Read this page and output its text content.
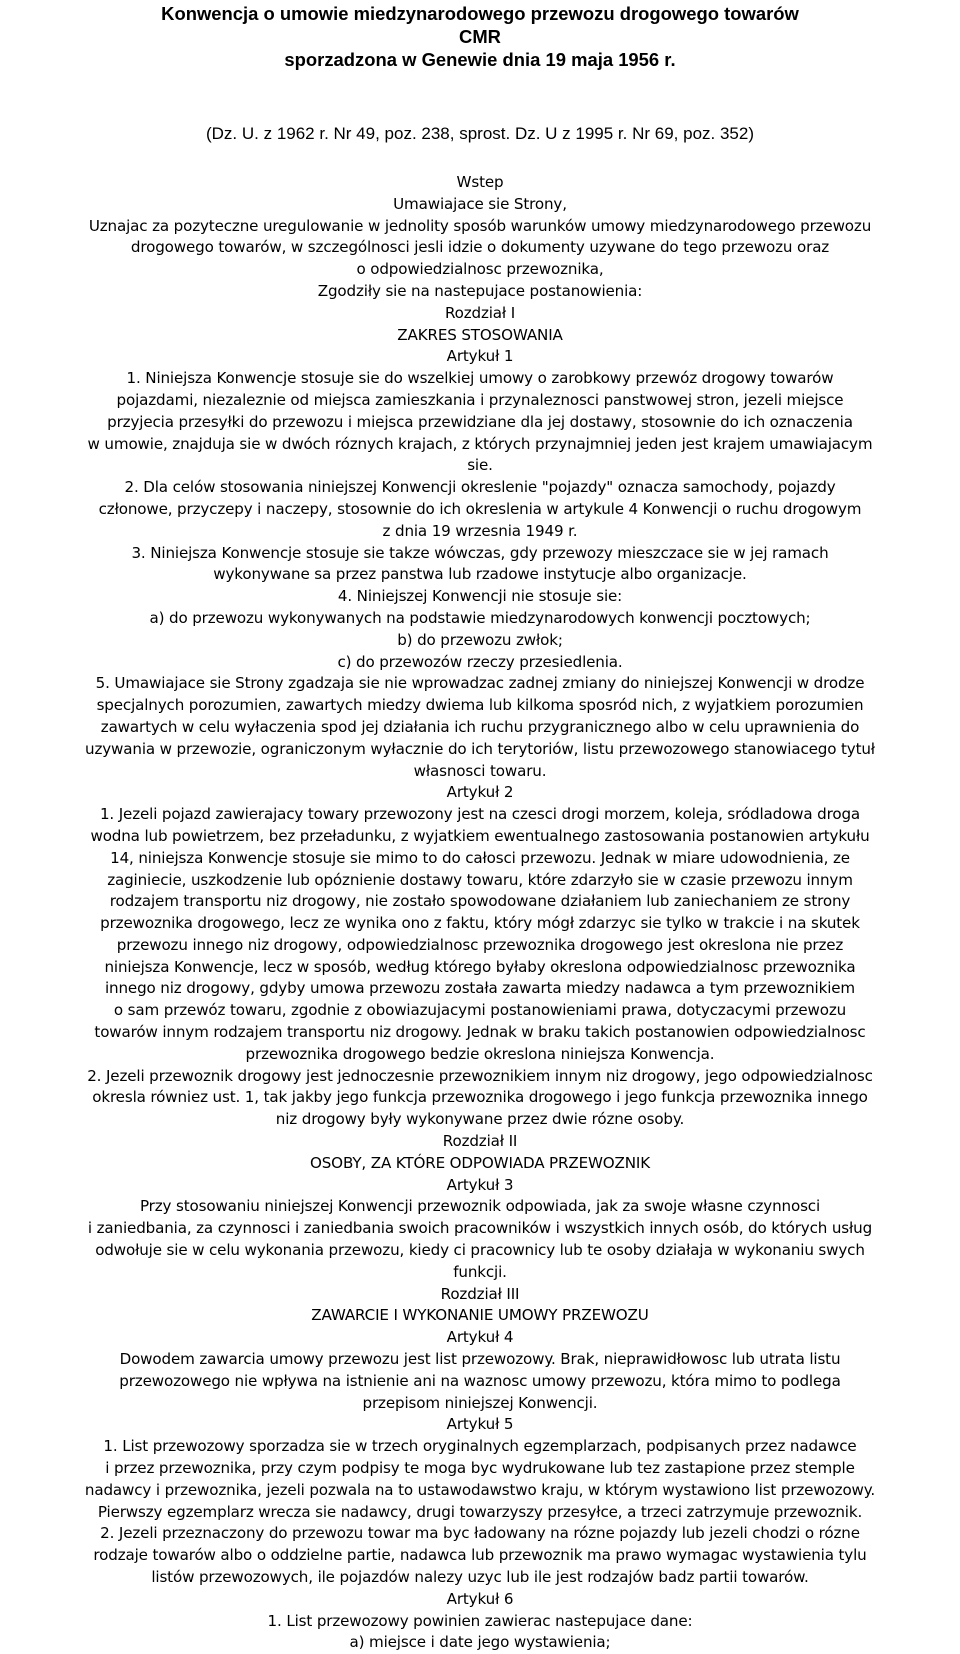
Konwencja o umowie miedzynarodowego przewozu drogowego towarów
CMR
sporzadzona w Genewie dnia 19 maja 1956 r.
(Dz. U. z 1962 r. Nr 49, poz. 238, sprost. Dz. U z 1995 r. Nr 69, poz. 352)
Wstep
Umawiajace sie Strony,
Uznajac za pozyteczne uregulowanie w jednolity sposób warunków umowy miedzynarodowego przewozu
drogowego towarów, w szczególnosci jesli idzie o dokumenty uzywane do tego przewozu oraz
o odpowiedzialnosc przewoznika,
Zgodziły sie na nastepujace postanowienia:
Rozdział I
ZAKRES STOSOWANIA
Artykuł 1
1. Niniejsza Konwencje stosuje sie do wszelkiej umowy o zarobkowy przewóz drogowy towarów
pojazdami, niezaleznie od miejsca zamieszkania i przynaleznosci panstwowej stron, jezeli miejsce
przyjecia przesyłki do przewozu i miejsca przewidziane dla jej dostawy, stosownie do ich oznaczenia
w umowie, znajduja sie w dwóch róznych krajach, z których przynajmniej jeden jest krajem umawiajacym
sie.
2. Dla celów stosowania niniejszej Konwencji okreslenie "pojazdy" oznacza samochody, pojazdy
członowe, przyczepy i naczepy, stosownie do ich okreslenia w artykule 4 Konwencji o ruchu drogowym
z dnia 19 wrzesnia 1949 r.
3. Niniejsza Konwencje stosuje sie takze wówczas, gdy przewozy mieszczace sie w jej ramach
wykonywane sa przez panstwa lub rzadowe instytucje albo organizacje.
4. Niniejszej Konwencji nie stosuje sie:
a) do przewozu wykonywanych na podstawie miedzynarodowych konwencji pocztowych;
b) do przewozu zwłok;
c) do przewozów rzeczy przesiedlenia.
5. Umawiajace sie Strony zgadzaja sie nie wprowadzac zadnej zmiany do niniejszej Konwencji w drodze
specjalnych porozumien, zawartych miedzy dwiema lub kilkoma sposród nich, z wyjatkiem porozumien
zawartych w celu wyłaczenia spod jej działania ich ruchu przygranicznego albo w celu uprawnienia do
uzywania w przewozie, ograniczonym wyłacznie do ich terytoriów, listu przewozowego stanowiacego tytuł
własnosci towaru.
Artykuł 2
1. Jezeli pojazd zawierajacy towary przewozony jest na czesci drogi morzem, koleja, sródladowa droga
wodna lub powietrzem, bez przeładunku, z wyjatkiem ewentualnego zastosowania postanowien artykułu
14, niniejsza Konwencje stosuje sie mimo to do całosci przewozu. Jednak w miare udowodnienia, ze
zaginiecie, uszkodzenie lub opóznienie dostawy towaru, które zdarzyło sie w czasie przewozu innym
rodzajem transportu niz drogowy, nie zostało spowodowane działaniem lub zaniechaniem ze strony
przewoznika drogowego, lecz ze wynika ono z faktu, który mógł zdarzyc sie tylko w trakcie i na skutek
przewozu innego niz drogowy, odpowiedzialnosc przewoznika drogowego jest okreslona nie przez
niniejsza Konwencje, lecz w sposób, według którego byłaby okreslona odpowiedzialnosc przewoznika
innego niz drogowy, gdyby umowa przewozu została zawarta miedzy nadawca a tym przewoznikiem
o sam przewóz towaru, zgodnie z obowiazujacymi postanowieniami prawa, dotyczacymi przewozu
towarów innym rodzajem transportu niz drogowy. Jednak w braku takich postanowien odpowiedzialnosc
przewoznika drogowego bedzie okreslona niniejsza Konwencja.
2. Jezeli przewoznik drogowy jest jednoczesnie przewoznikiem innym niz drogowy, jego odpowiedzialnosc
okresla równiez ust. 1, tak jakby jego funkcja przewoznika drogowego i jego funkcja przewoznika innego
niz drogowy były wykonywane przez dwie rózne osoby.
Rozdział II
OSOBY, ZA KTÓRE ODPOWIADA PRZEWOZNIK
Artykuł 3
Przy stosowaniu niniejszej Konwencji przewoznik odpowiada, jak za swoje własne czynnosci
i zaniedbania, za czynnosci i zaniedbania swoich pracowników i wszystkich innych osób, do których usług
odwołuje sie w celu wykonania przewozu, kiedy ci pracownicy lub te osoby działaja w wykonaniu swych
funkcji.
Rozdział III
ZAWARCIE I WYKONANIE UMOWY PRZEWOZU
Artykuł 4
Dowodem zawarcia umowy przewozu jest list przewozowy. Brak, nieprawidłowosc lub utrata listu
przewozowego nie wpływa na istnienie ani na waznosc umowy przewozu, która mimo to podlega
przepisom niniejszej Konwencji.
Artykuł 5
1. List przewozowy sporzadza sie w trzech oryginalnych egzemplarzach, podpisanych przez nadawce
i przez przewoznika, przy czym podpisy te moga byc wydrukowane lub tez zastapione przez stemple
nadawcy i przewoznika, jezeli pozwala na to ustawodawstwo kraju, w którym wystawiono list przewozowy.
Pierwszy egzemplarz wrecza sie nadawcy, drugi towarzyszy przesyłce, a trzeci zatrzymuje przewoznik.
2. Jezeli przeznaczony do przewozu towar ma byc ładowany na rózne pojazdy lub jezeli chodzi o rózne
rodzaje towarów albo o oddzielne partie, nadawca lub przewoznik ma prawo wymagac wystawienia tylu
listów przewozowych, ile pojazdów nalezy uzyc lub ile jest rodzajów badz partii towarów.
Artykuł 6
1. List przewozowy powinien zawierac nastepujace dane:
a) miejsce i date jego wystawienia;
